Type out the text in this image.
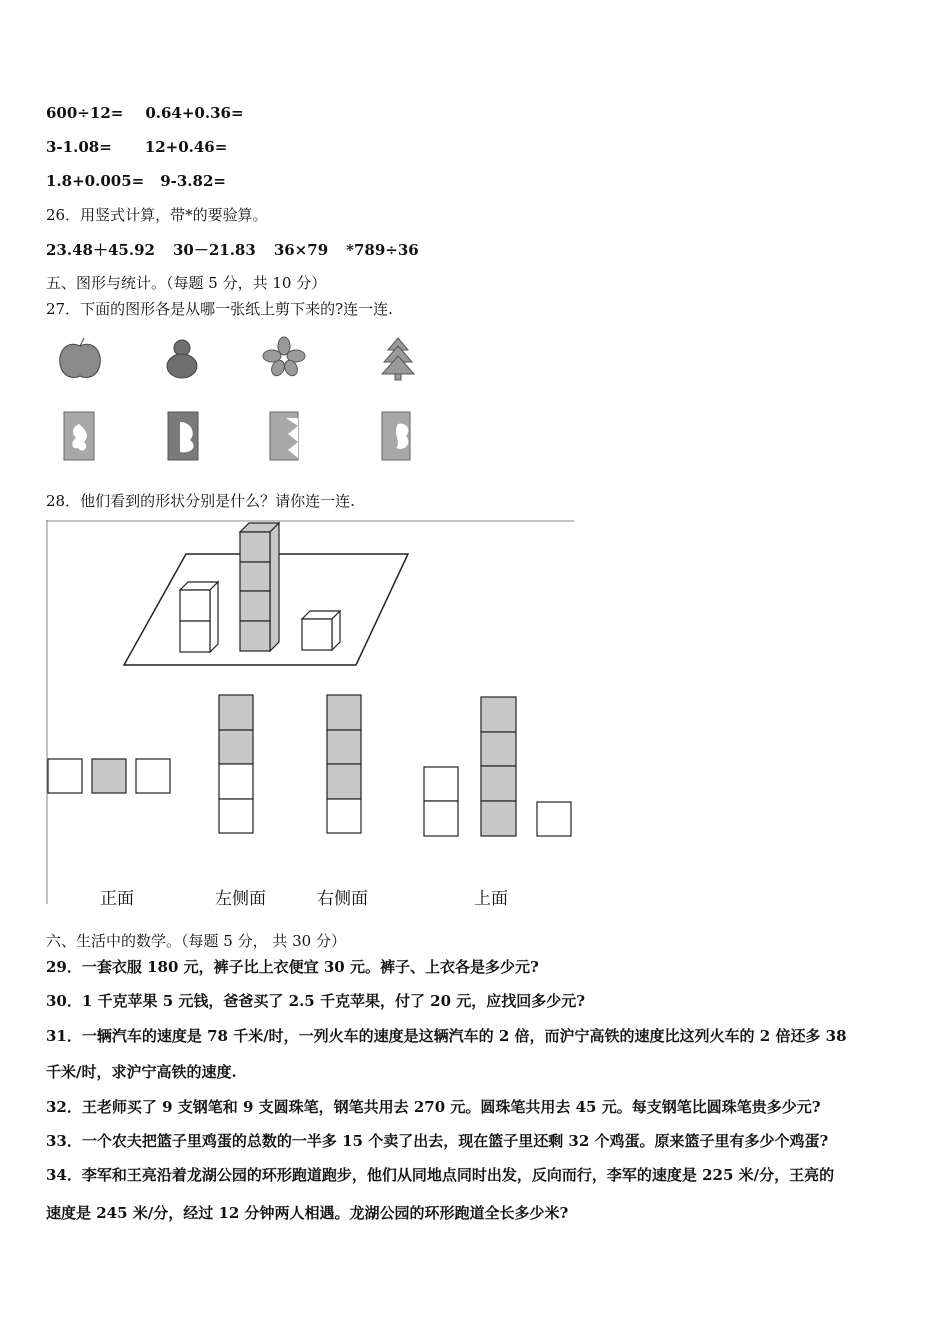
600÷12= 0.64+0.36=
3-1.08= 12+0.46=
1.8+0.005= 9-3.82=
26．用竖式计算，带*的要验算。
23.48＋45.92 30－21.83 36×79 *789÷36
五、图形与统计。（每题 5 分，共 10 分）
27．下面的图形各是从哪一张纸上剪下来的?连一连.
28．他们看到的形状分别是什么？请你连一连.
正面	左侧面	右侧面	上面
六、生活中的数学。（每题 5 分， 共 30 分）
29．一套衣服 180 元，裤子比上衣便宜 30 元。裤子、上衣各是多少元?
30．1 千克苹果 5 元钱，爸爸买了 2.5 千克苹果，付了 20 元，应找回多少元?
31．一辆汽车的速度是 78 千米/时，一列火车的速度是这辆汽车的 2 倍，而沪宁高铁的速度比这列火车的 2 倍还多 38
千米/时，求沪宁高铁的速度.
32．王老师买了 9 支钢笔和 9 支圆珠笔，钢笔共用去 270 元。圆珠笔共用去 45 元。每支钢笔比圆珠笔贵多少元?
33．一个农夫把篮子里鸡蛋的总数的一半多 15 个卖了出去，现在篮子里还剩 32 个鸡蛋。原来篮子里有多少个鸡蛋?
34．李军和王亮沿着龙湖公园的环形跑道跑步，他们从同地点同时出发，反向而行，李军的速度是 225 米/分，王亮的
速度是 245 米/分，经过 12 分钟两人相遇。龙湖公园的环形跑道全长多少米?
